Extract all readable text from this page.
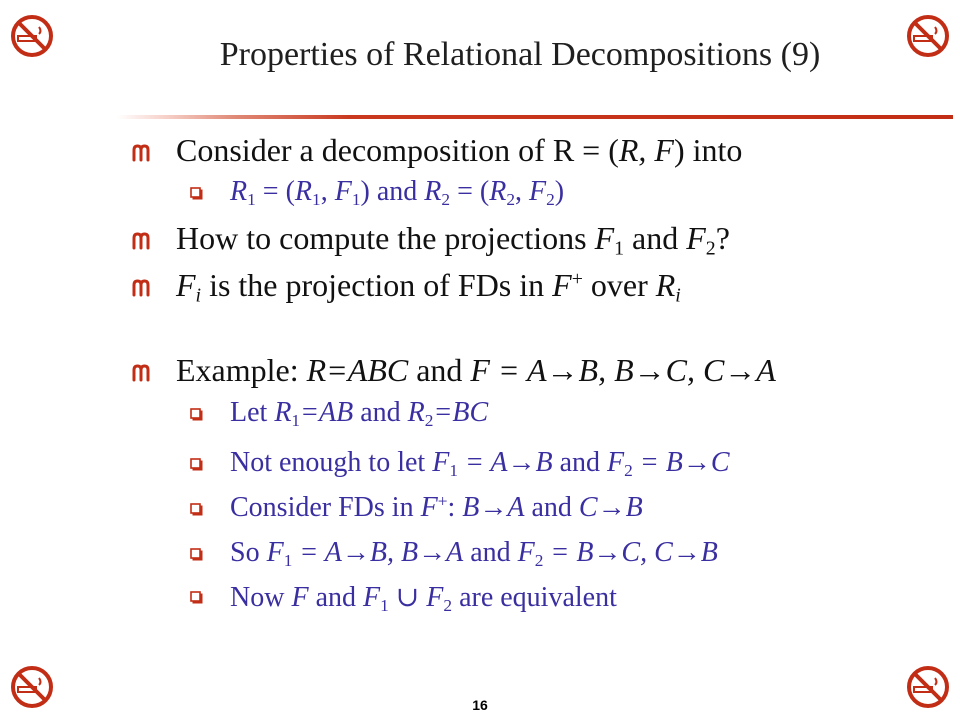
Properties of Relational Decompositions (9)
Consider a decomposition of R = (R, F) into
$R_1 = (R_1$, $F_1$) and $R_2 = (R_2$, $F_2$)
How to compute the projections $F_1$ and $F_2$?
$F_i$ is the projection of FDs in F+ over $R_i$
Example: R=ABC and F = A→B, B→C, C→A
Let $R_1=AB$ and $R_2=BC$
Not enough to let $F_1 = A\to B$ and $F_2 = B\to C$
Consider FDs in F+: B→A and C→B
So $F_1 = A\to B$, B→A and $F_2 = B\to C$, C→B
Now F and $F_1$ ∪ $F_2$ are equivalent
16
